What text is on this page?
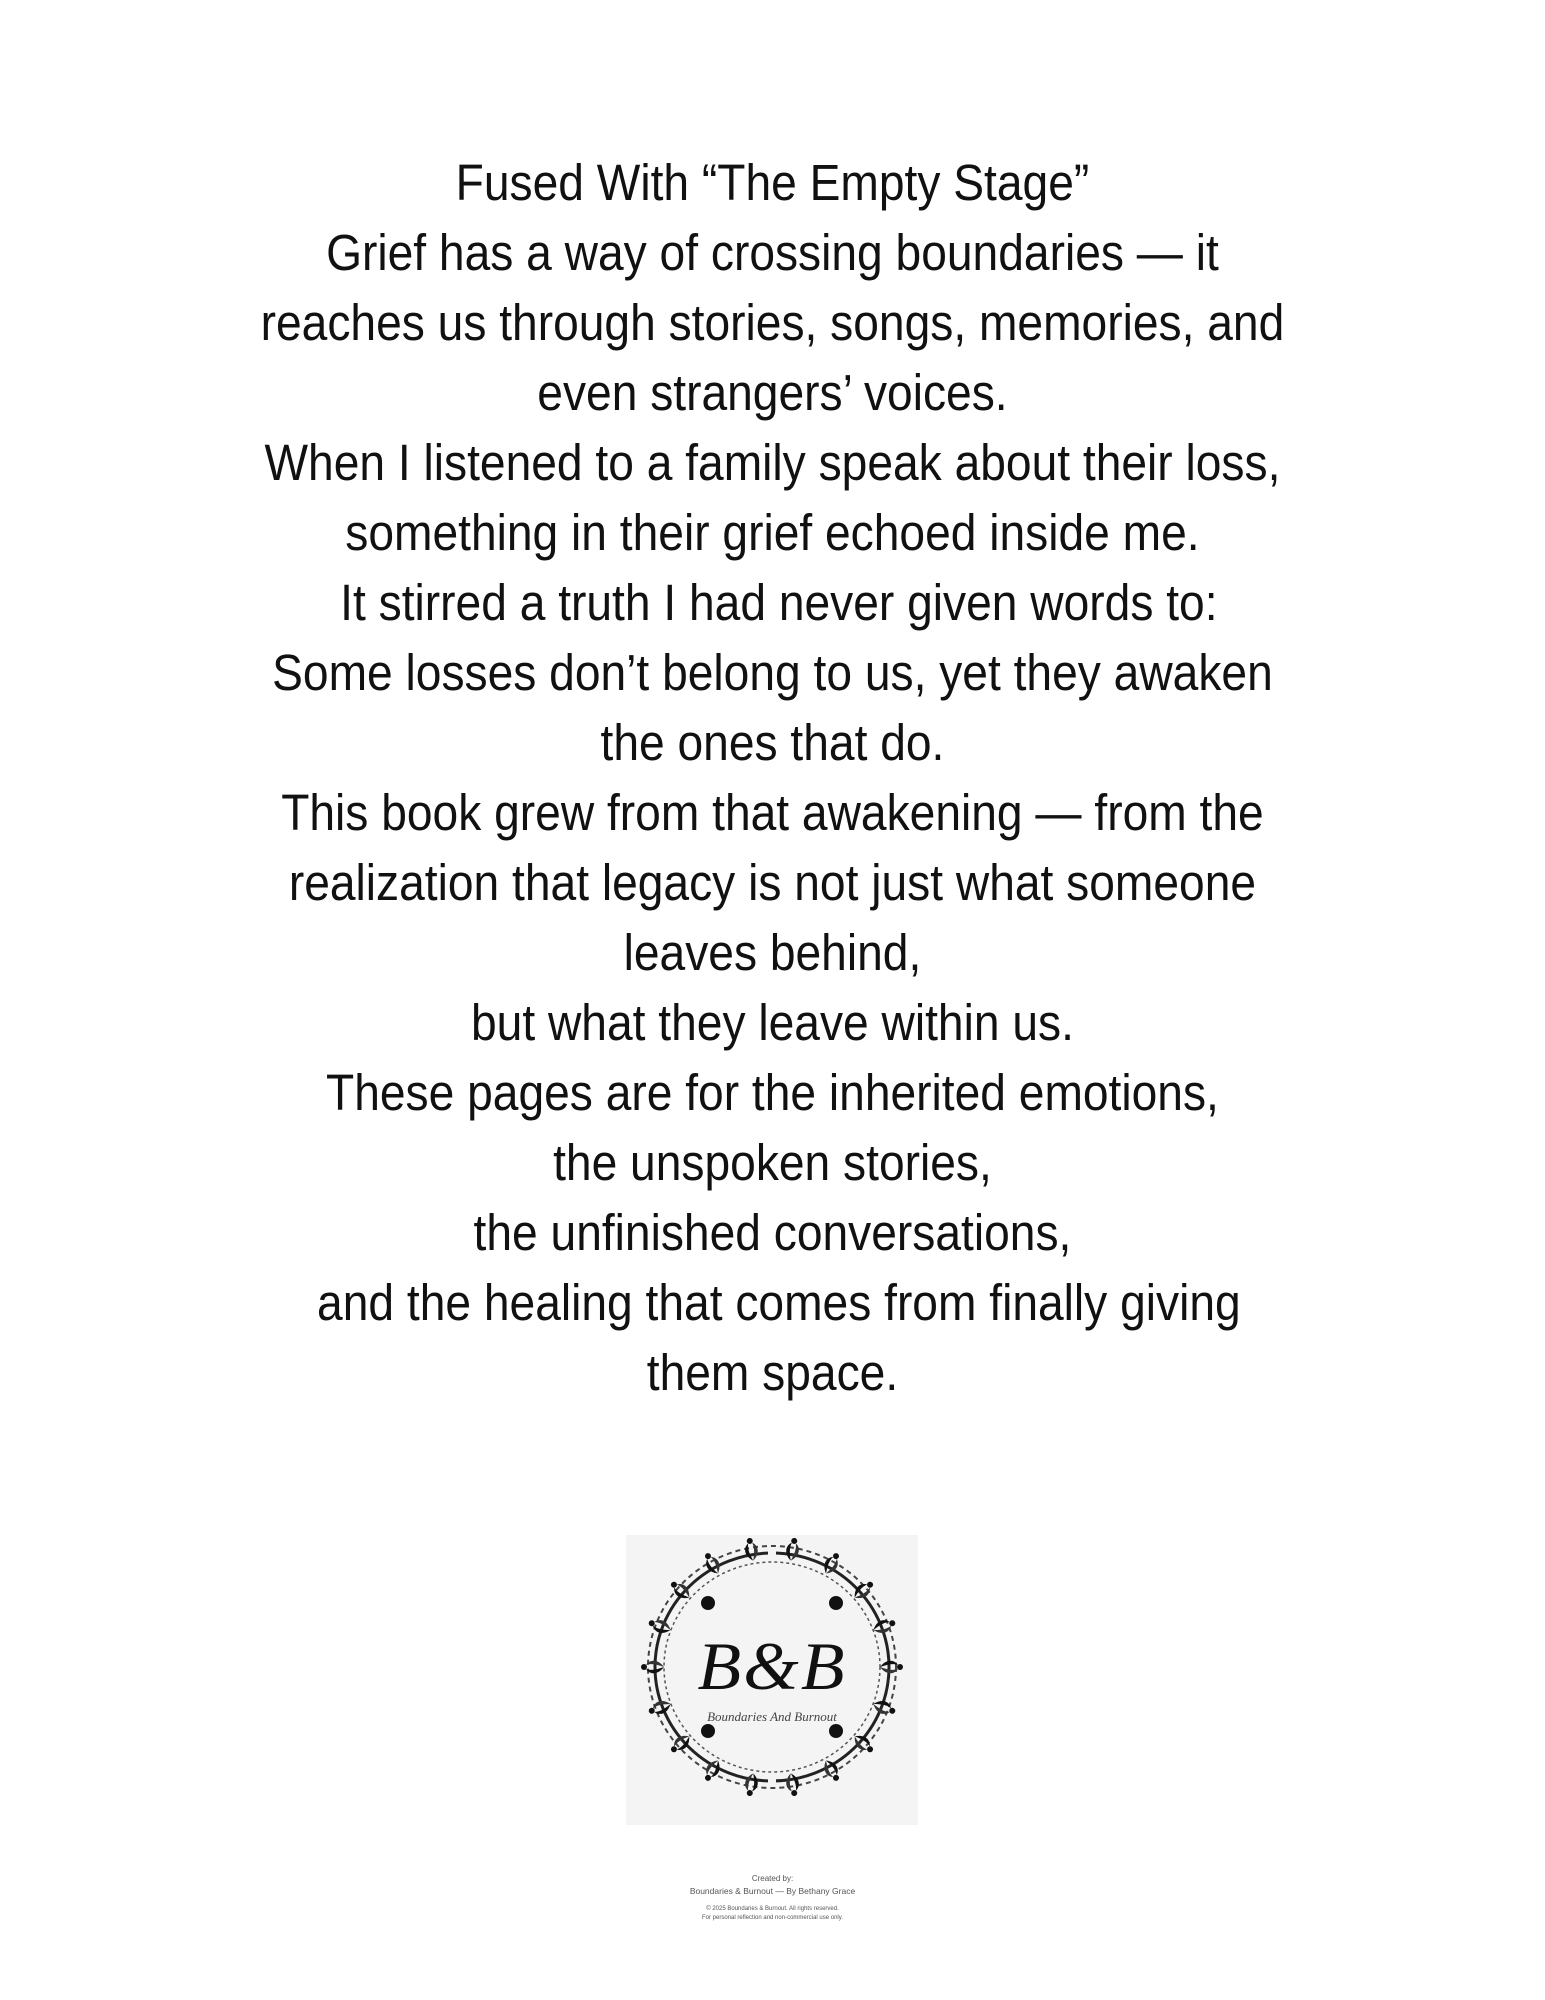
Fused With “The Empty Stage”
Grief has a way of crossing boundaries — it
reaches us through stories, songs, memories, and
even strangers’ voices.
When I listened to a family speak about their loss,
something in their grief echoed inside me.
It stirred a truth I had never given words to:
Some losses don’t belong to us, yet they awaken
the ones that do.
This book grew from that awakening — from the
realization that legacy is not just what someone
leaves behind,
but what they leave within us.
These pages are for the inherited emotions,
the unspoken stories,
the unfinished conversations,
and the healing that comes from finally giving
them space.
B&B
Boundaries And Burnout
Created by:
Boundaries & Burnout — By Bethany Grace
© 2025 Boundaries & Burnout. All rights reserved.
For personal reflection and non-commercial use only.
